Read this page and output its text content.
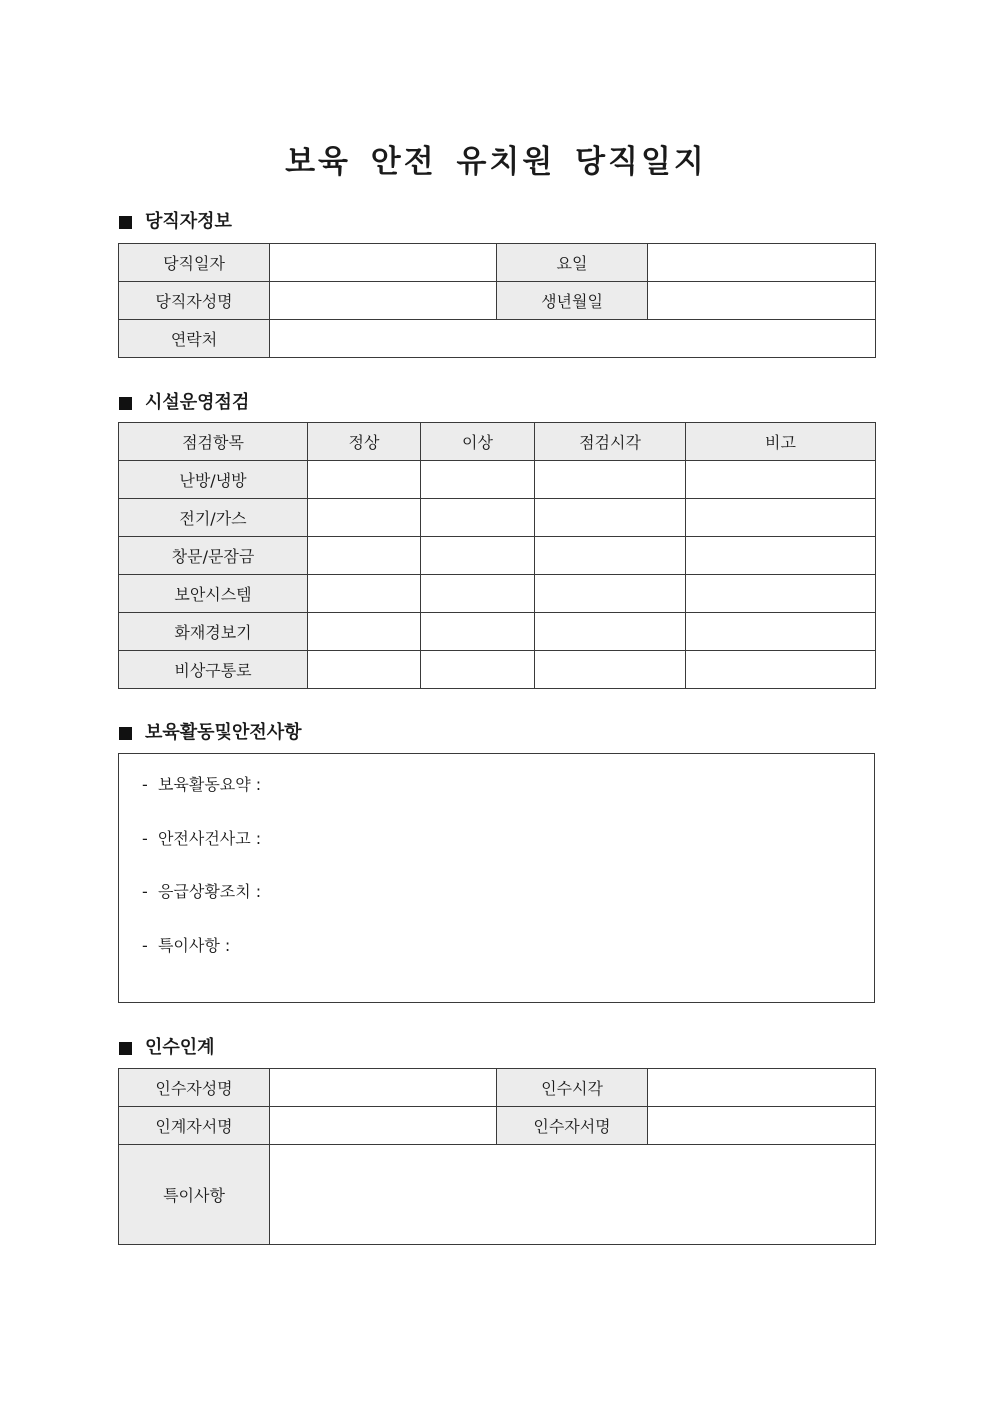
보육 안전 유치원 당직일지
당직자정보
당직일자		요일	
당직자성명		생년월일	
연락처			
시설운영점검
점검항목	정상	이상	점검시각	비고
난방/냉방				
전기/가스				
창문/문잠금				
보안시스템				
화재경보기				
비상구통로				
보육활동및안전사항
-  보육활동요약 :
-  안전사건사고 :
-  응급상황조치 :
-  특이사항 :
인수인계
인수자성명		인수시각	
인계자서명		인수자서명	
특이사항			
